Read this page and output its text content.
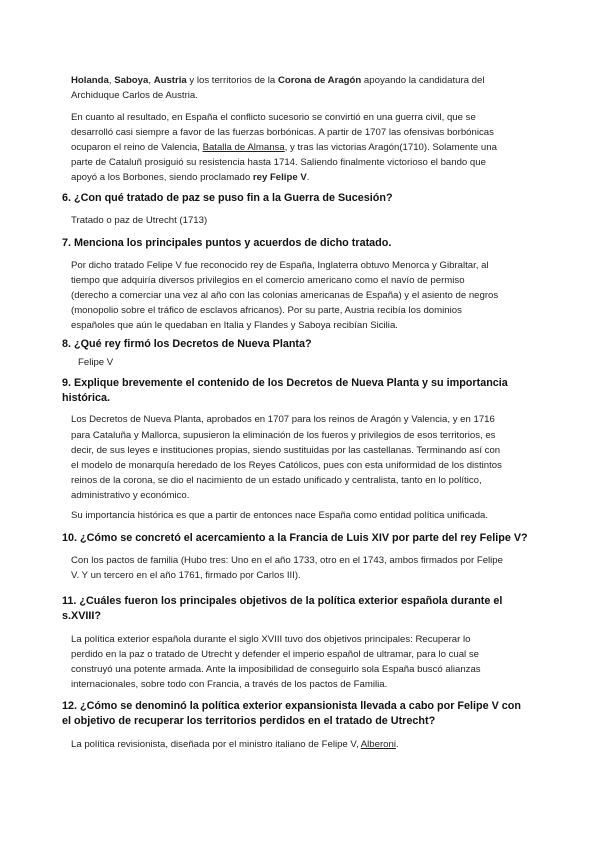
Holanda, Saboya, Austria y los territorios de la Corona de Aragón apoyando la candidatura del

Archiduque Carlos de Austria.

En cuanto al resultado, en España el conflicto sucesorio se convirtió en una guerra civil, que se

desarrolló casi siempre a favor de las fuerzas borbónicas. A partir de 1707 las ofensivas borbónicas

ocuparon el reino de Valencia, Batalla de Almansa, y tras las victorias Aragón(1710). Solamente una

parte de Cataluñ prosiguió su resistencia hasta 1714. Saliendo finalmente victorioso el bando que

apoyó a los Borbones, siendo proclamado rey Felipe V.

6. ¿Con qué tratado de paz se puso fin a la Guerra de Sucesión?

Tratado o paz de Utrecht (1713)

7. Menciona los principales puntos y acuerdos de dicho tratado.

Por dicho tratado Felipe V fue reconocido rey de España, Inglaterra obtuvo Menorca y Gibraltar, al

tiempo que adquiría diversos privilegios en el comercio americano como el navío de permiso

(derecho a comerciar una vez al año con las colonias americanas de España) y el asiento de negros

(monopolio sobre el tráfico de esclavos africanos). Por su parte, Austria recibía los dominios

españoles que aún le quedaban en Italia y Flandes y Saboya recibían Sicilia.

8. ¿Qué rey firmó los Decretos de Nueva Planta?

Felipe V

9. Explique brevemente el contenido de los Decretos de Nueva Planta y su importancia

histórica.

Los Decretos de Nueva Planta, aprobados en 1707 para los reinos de Aragón y Valencia, y en 1716

para Cataluña y Mallorca, supusieron la eliminación de los fueros y privilegios de esos territorios, es

decir, de sus leyes e instituciones propias, siendo sustituidas por las castellanas. Terminando así con

el modelo de monarquía heredado de los Reyes Católicos, pues con esta uniformidad de los distintos

reinos de la corona, se dio el nacimiento de un estado unificado y centralista, tanto en lo político,

administrativo y económico.

Su importancia histórica es que a partir de entonces nace España como entidad política unificada.

10. ¿Cómo se concretó el acercamiento a la Francia de Luis XIV por parte del rey Felipe V?

Con los pactos de familia (Hubo tres: Uno en el año 1733, otro en el 1743, ambos firmados por Felipe

V. Y un tercero en el año 1761, firmado por Carlos III).

11. ¿Cuáles fueron los principales objetivos de la política exterior española durante el

s.XVIII?

La política exterior española durante el siglo XVIII tuvo dos objetivos principales: Recuperar lo

perdido en la paz o tratado de Utrecht y defender el imperio español de ultramar, para lo cual se

construyó una potente armada. Ante la imposibilidad de conseguirlo sola España buscó alianzas

internacionales, sobre todo con Francia, a través de los pactos de Familia.

12. ¿Cómo se denominó la política exterior expansionista llevada a cabo por Felipe V con

el objetivo de recuperar los territorios perdidos en el tratado de Utrecht?

La política revisionista, diseñada por el ministro italiano de Felipe V, Alberoni.
